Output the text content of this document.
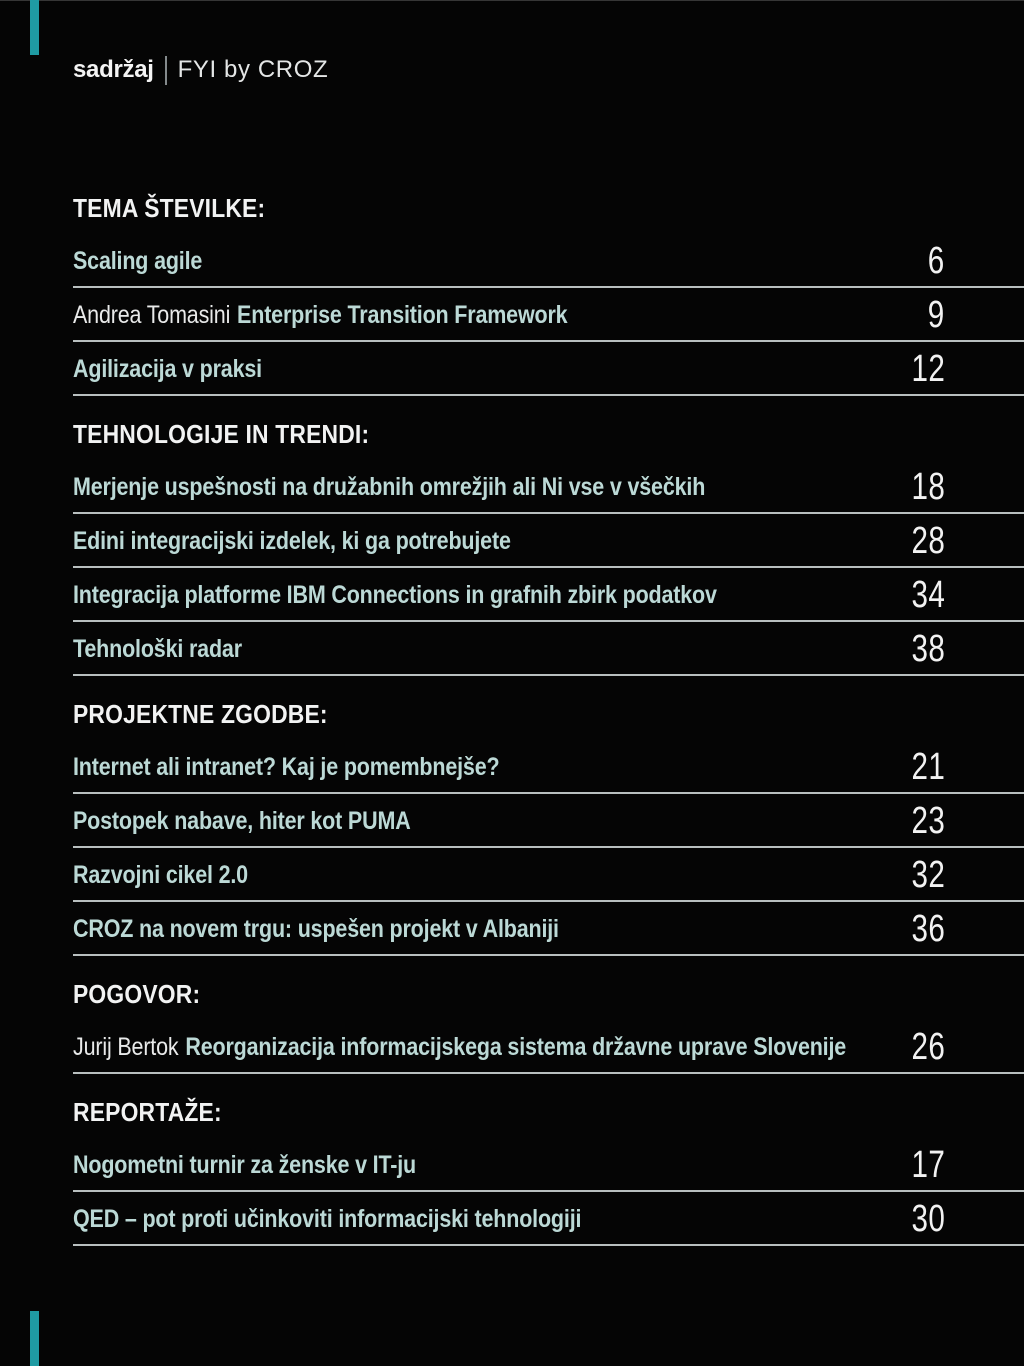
sadržaj FYI by CROZ
TEMA ŠTEVILKE:
Scaling agile	6
Andrea Tomasini Enterprise Transition Framework	9
Agilizacija v praksi	12
TEHNOLOGIJE IN TRENDI:
Merjenje uspešnosti na družabnih omrežjih ali Ni vse v všečkih	18
Edini integracijski izdelek, ki ga potrebujete	28
Integracija platforme IBM Connections in grafnih zbirk podatkov	34
Tehnološki radar	38
PROJEKTNE ZGODBE:
Internet ali intranet? Kaj je pomembnejše?	21
Postopek nabave, hiter kot PUMA	23
Razvojni cikel 2.0	32
CROZ na novem trgu: uspešen projekt v Albaniji	36
POGOVOR:
Jurij Bertok Reorganizacija informacijskega sistema državne uprave Slovenije 26
REPORTAŽE:
Nogometni turnir za ženske v IT-ju	17
QED – pot proti učinkoviti informacijski tehnologiji	30
